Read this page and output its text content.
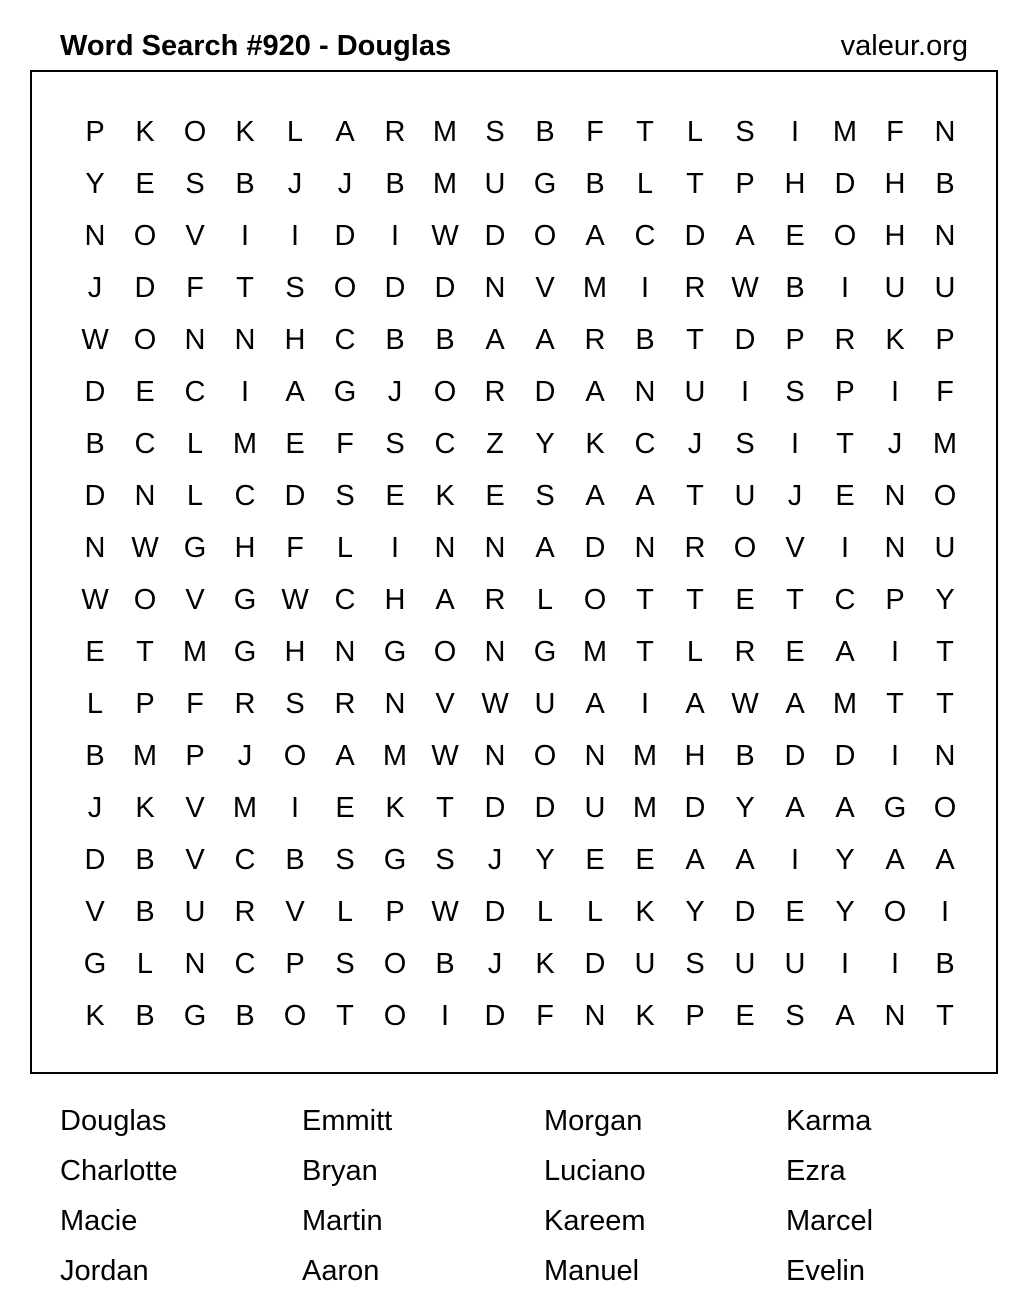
Word Search #920 - Douglas	valeur.org
P	K	O	K	L	A	R M S	B	F	T	L	S	I	M	F	N
Y	E	S	B	J	J	B M U G	B	L	T	P	H	D	H	B
N O	V	I	I	D	I	W D O	A	C	D	A	E	O H	N
J	D	F	T	S	O D	D	N	V M	I	R W B	I	U	U
W O N	N	H	C	B	B	A	A	R	B	T	D	P	R	K	P
D	E	C	I	A	G	J	O R	D	A	N	U	I	S	P	I	F
B	C	L	M E	F	S	C	Z	Y	K	C	J	S	I	T	J	M
D	N	L	C	D	S	E	K	E	S	A	A	T	U	J	E	N O
N W G H	F	L	I	N	N	A	D	N	R O	V	I	N	U
W O	V	G W C	H	A	R	L	O	T	T	E	T	C	P	Y
E	T	M G H	N G O N G M	T	L	R	E	A	I	T
L	P	F	R	S	R	N	V W U	A	I	A W A M	T	T
B M P	J	O	A M W N O N M H	B	D	D	I	N
J	K	V M	I	E	K	T	D	D	U M D	Y	A	A	G O
D	B	V	C	B	S	G	S	J	Y	E	E	A	A	I	Y	A	A
V	B	U	R	V	L	P W D	L	L	K	Y	D	E	Y	O	I
G	L	N	C	P	S	O	B	J	K	D	U	S	U	U	I	I	B
K	B	G	B	O	T	O	I	D	F	N	K	P	E	S	A	N	T
Douglas	Emmitt	Morgan	Karma
Charlotte	Bryan	Luciano	Ezra
Macie	Martin	Kareem	Marcel
Jordan	Aaron	Manuel	Evelin
